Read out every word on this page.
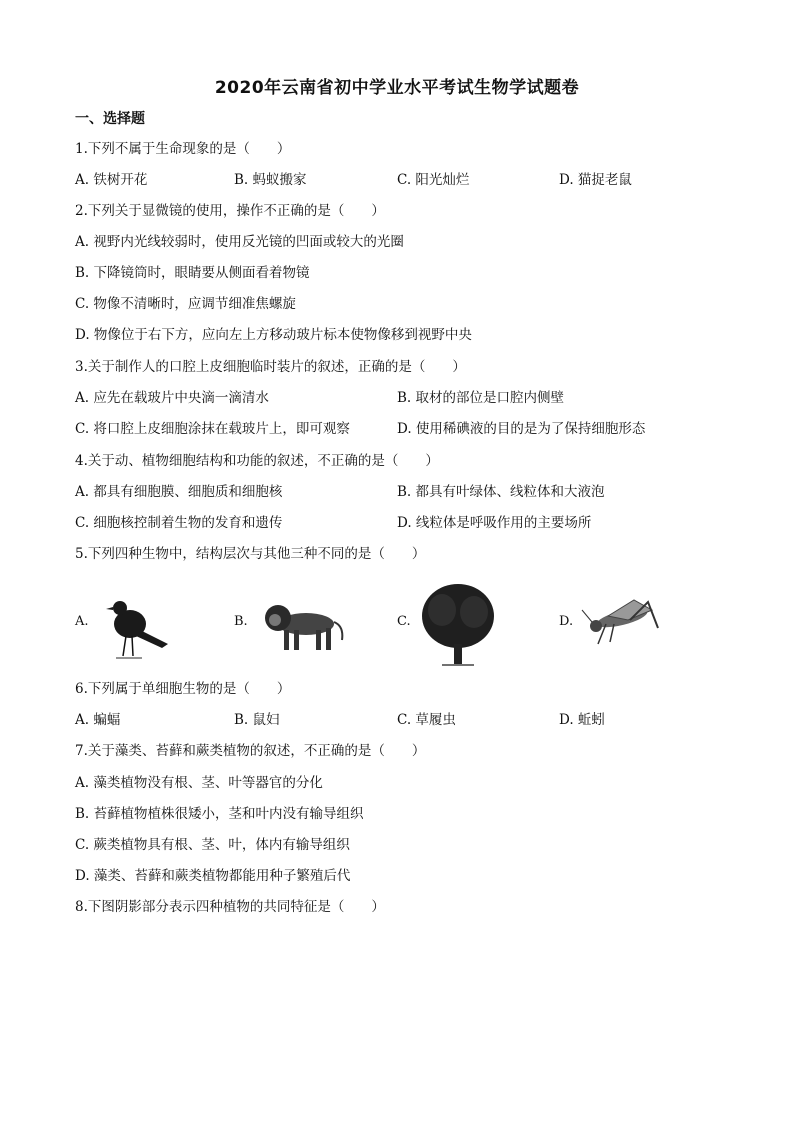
2020年云南省初中学业水平考试生物学试题卷
一、选择题
1.下列不属于生命现象的是（　　）
A. 铁树开花	B. 蚂蚁搬家	C. 阳光灿烂	D. 猫捉老鼠
2.下列关于显微镜的使用，操作不正确的是（　　）
A. 视野内光线较弱时，使用反光镜的凹面或较大的光圈
B. 下降镜筒时，眼睛要从侧面看着物镜
C. 物像不清晰时，应调节细准焦螺旋
D. 物像位于右下方，应向左上方移动玻片标本使物像移到视野中央
3.关于制作人的口腔上皮细胞临时装片的叙述，正确的是（　　）
A. 应先在载玻片中央滴一滴清水	B. 取材的部位是口腔内侧壁
C. 将口腔上皮细胞涂抹在载玻片上，即可观察	D. 使用稀碘液的目的是为了保持细胞形态
4.关于动、植物细胞结构和功能的叙述，不正确的是（　　）
A. 都具有细胞膜、细胞质和细胞核	B. 都具有叶绿体、线粒体和大液泡
C. 细胞核控制着生物的发育和遗传	D. 线粒体是呼吸作用的主要场所
5.下列四种生物中，结构层次与其他三种不同的是（　　）
A.	B.	C.	D.
6.下列属于单细胞生物的是（　　）
A. 蝙蝠	B. 鼠妇	C. 草履虫	D. 蚯蚓
7.关于藻类、苔藓和蕨类植物的叙述，不正确的是（　　）
A. 藻类植物没有根、茎、叶等器官的分化
B. 苔藓植物植株很矮小，茎和叶内没有输导组织
C. 蕨类植物具有根、茎、叶，体内有输导组织
D. 藻类、苔藓和蕨类植物都能用种子繁殖后代
8.下图阴影部分表示四种植物的共同特征是（　　）
